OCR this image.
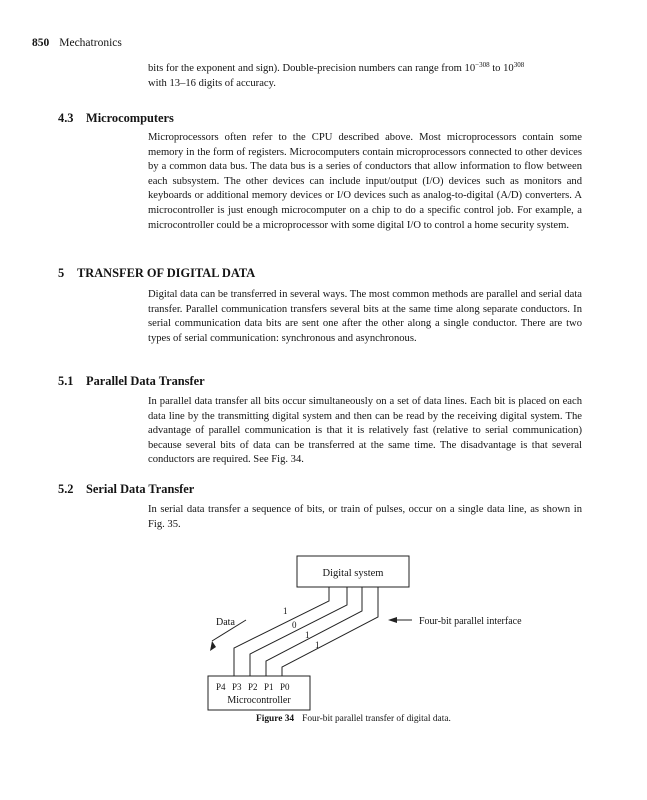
850 Mechatronics

bits for the exponent and sign). Double-precision numbers can range from $10^{-308}$ to $10^{308}$
with 13–16 digits of accuracy.

4.3 Microcomputers

Microprocessors often refer to the CPU described above. Most microprocessors contain some memory in the form of registers. Microcomputers contain microprocessors connected to other devices by a common data bus. The data bus is a series of conductors that allow information to flow between each subsystem. The other devices can include input/output (I/O) devices such as monitors and keyboards or additional memory devices or I/O devices such as analog-to-digital (A/D) converters. A microcontroller is just enough microcomputer on a chip to do a specific control job. For example, a microcontroller could be a microprocessor with some digital I/O to control a home security system.

5 TRANSFER OF DIGITAL DATA

Digital data can be transferred in several ways. The most common methods are parallel and serial data transfer. Parallel communication transfers several bits at the same time along separate conductors. In serial communication data bits are sent one after the other along a single conductor. There are two types of serial communication: synchronous and asynchronous.

5.1 Parallel Data Transfer

In parallel data transfer all bits occur simultaneously on a set of data lines. Each bit is placed on each data line by the transmitting digital system and then can be read by the receiving digital system. The advantage of parallel communication is that it is relatively fast (relative to serial communication) because several bits of data can be transferred at the same time. The disadvantage is that several conductors are required. See Fig. 34.

5.2 Serial Data Transfer

In serial data transfer a sequence of bits, or train of pulses, occur on a single data line, as shown in Fig. 35.

Digital system
P4 P3 P2 P1 P0
Microcontroller
1
0
1
1
Data	Four-bit parallel interface
Figure 34 Four-bit parallel transfer of digital data.
